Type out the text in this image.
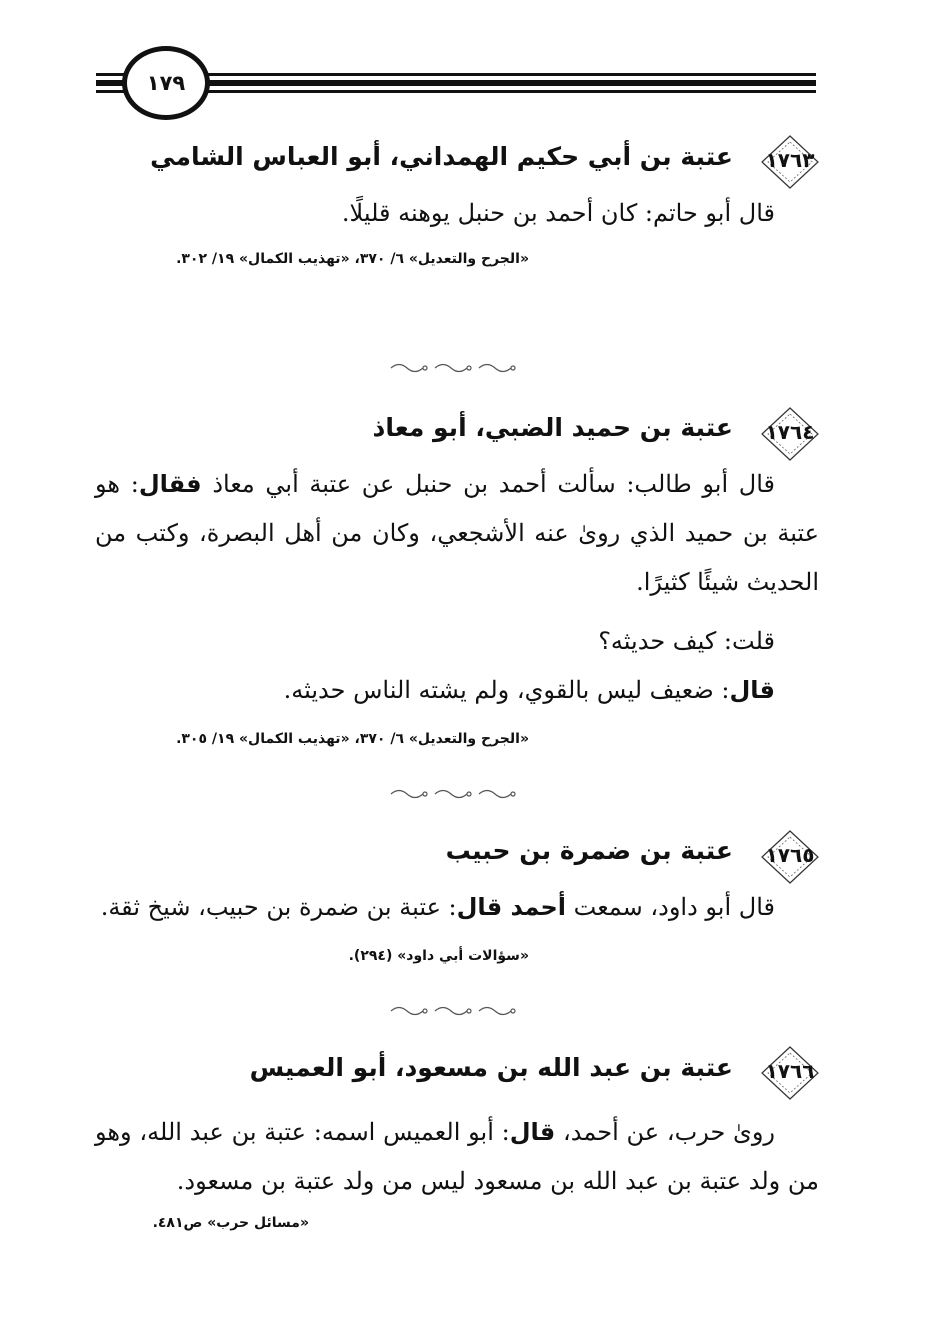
١٧٩
١٧٦٣
عتبة بن أبي حكيم الهمداني، أبو العباس الشامي
قال أبو حاتم: كان أحمد بن حنبل يوهنه قليلًا.
«الجرح والتعديل» ٦/ ٣٧٠، «تهذيب الكمال» ١٩/ ٣٠٢.
١٧٦٤
عتبة بن حميد الضبي، أبو معاذ
قال أبو طالب: سألت أحمد بن حنبل عن عتبة أبي معاذ فقال: هو عتبة بن حميد الذي روىٰ عنه الأشجعي، وكان من أهل البصرة، وكتب من الحديث شيئًا كثيرًا.
قلت: كيف حديثه؟
قال: ضعيف ليس بالقوي، ولم يشته الناس حديثه.
«الجرح والتعديل» ٦/ ٣٧٠، «تهذيب الكمال» ١٩/ ٣٠٥.
١٧٦٥
عتبة بن ضمرة بن حبيب
قال أبو داود، سمعت أحمد قال: عتبة بن ضمرة بن حبيب، شيخ ثقة.
«سؤالات أبي داود» (٢٩٤).
١٧٦٦
عتبة بن عبد الله بن مسعود، أبو العميس
روىٰ حرب، عن أحمد، قال: أبو العميس اسمه: عتبة بن عبد الله، وهو من ولد عتبة بن عبد الله بن مسعود ليس من ولد عتبة بن مسعود.
«مسائل حرب» ص٤٨١.
